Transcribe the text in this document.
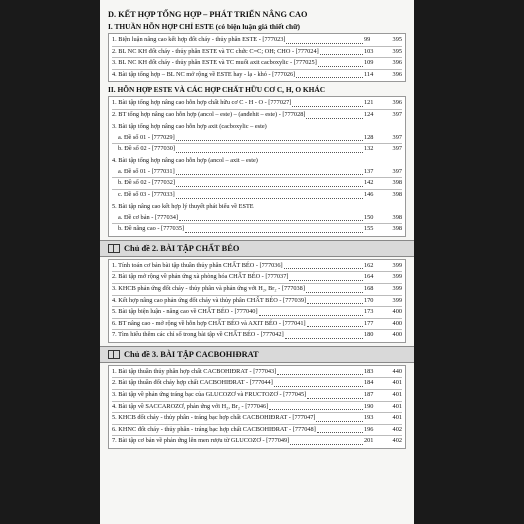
D. KẾT HỢP TỔNG HỢP – PHÁT TRIỂN NÂNG CAO
I. THUẦN HỖN HỢP CHỈ ESTE (có biện luận giả thiết chữ)
1. Biện luận nâng cao kết hợp đốt cháy - thủy phân ESTE - [777023]	99	395
2. BL NC KH đốt cháy - thủy phân ESTE và TC chức C=C; OH; CHO - [777024]	103	395
3. BL NC KH đốt cháy - thủy phân ESTE và TC muối axit cacboxylic - [777025]	109	396
4. Bài tập tổng hợp – BL NC mở rộng về ESTE hay - lạ - khó - [777026]	114	396
II. HỖN HỢP ESTE VÀ CÁC HỢP CHẤT HỮU CƠ C, H, O KHÁC
1. Bài tập tổng hợp nâng cao hỗn hợp chất hữu cơ C - H - O - [777027]	121	396
2. BT tổng hợp nâng cao hỗn hợp (ancol – este) – (anđehit – este) - [777028]	124	397
3. Bài tập tổng hợp nâng cao hỗn hợp axit (cacboxylic – este)
a. Đề số 01 - [777029]	128	397
b. Đề số 02 - [777030]	132	397
4. Bài tập tổng hợp nâng cao hỗn hợp (ancol – axit – este)
a. Đề số 01 - [777031]	137	397
b. Đề số 02 - [777032]	142	398
c. Đề số 03 - [777033]	146	398
5. Bài tập nâng cao kết hợp lý thuyết phát biểu về ESTE
a. Đề cơ bản - [777034]	150	398
b. Đề nâng cao - [777035]	155	398
Chủ đề 2. BÀI TẬP CHẤT BÉO
1. Tính toán cơ bản bài tập thuần thủy phân CHẤT BÉO - [777036]	162	399
2. Bài tập mở rộng về phản ứng xà phòng hóa CHẤT BÉO - [777037]	164	399
3. KHCB phản ứng đốt cháy - thủy phân và phản ứng với H₂, Br₂ - [777038]	168	399
4. Kết hợp nâng cao phản ứng đốt cháy và thủy phân CHẤT BÉO - [777039]	170	399
5. Bài tập biện luận - nâng cao về CHẤT BÉO - [777040]	173	400
6. BT nâng cao - mở rộng về hỗn hợp CHẤT BÉO và AXIT BÉO - [777041]	177	400
7. Tìm hiểu thêm các chỉ số trong bài tập về CHẤT BÉO - [777042]	180	400
Chủ đề 3. BÀI TẬP CACBOHIĐRAT
1. Bài tập thuần thủy phân hợp chất CACBOHIĐRAT - [777043]	183	440
2. Bài tập thuần đốt cháy hợp chất CACBOHIĐRAT - [777044]	184	401
3. Bài tập về phản ứng tráng bạc của GLUCOZƠ và FRUCTOZƠ - [777045]	187	401
4. Bài tập về SACCAROZƠ, phản ứng với H₂, Br₂ - [777046]	190	401
5. KHCB đốt cháy - thủy phân - tráng bạc hợp chất CACBOHIĐRAT - [777047]	193	401
6. KHNC đốt cháy - thủy phân - tráng bạc hợp chất CACBOHIĐRAT - [777048]	196	402
7. Bài tập cơ bản về phản ứng lên men rượu từ GLUCOZƠ - [777049]	201	402
